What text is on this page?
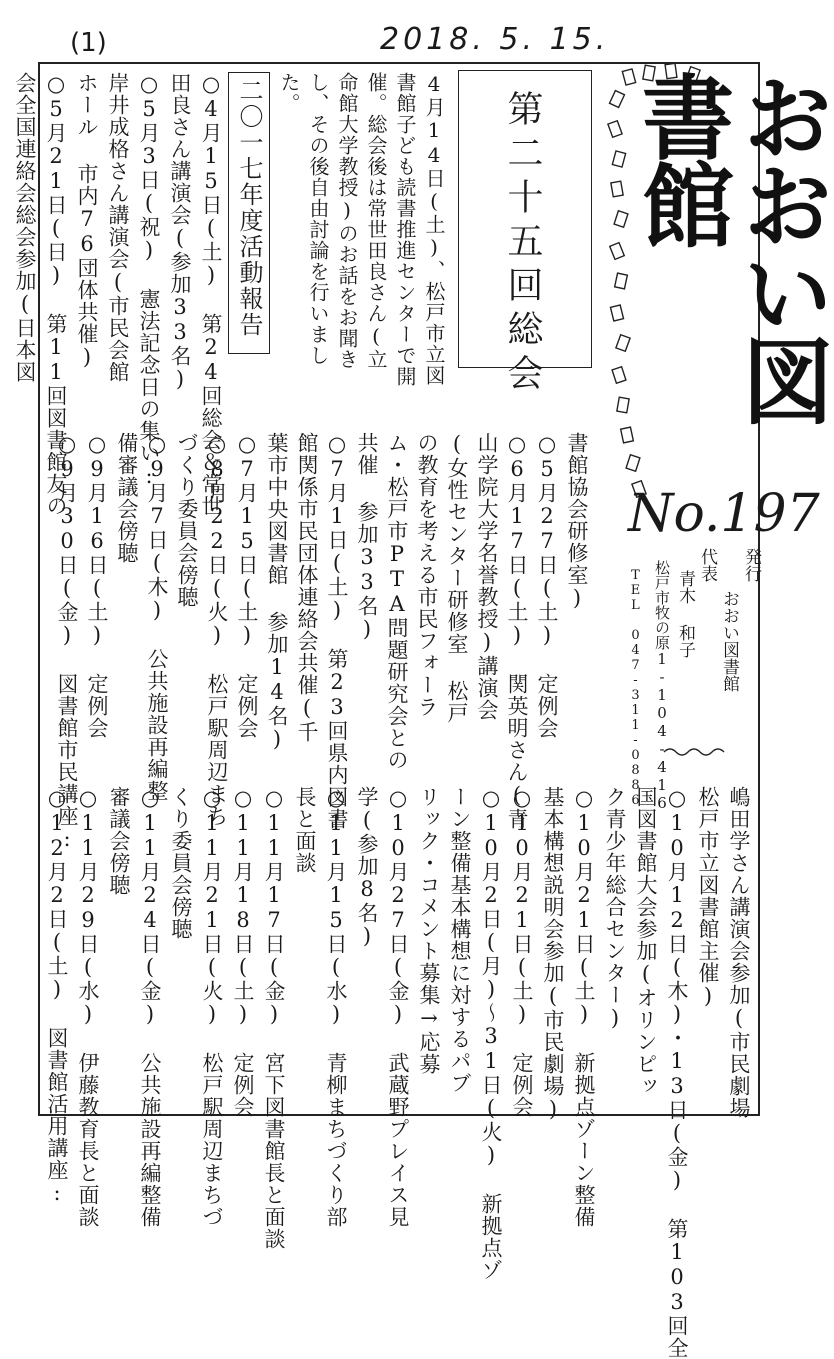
(1)	2018. 5. 15.
おおい図書館
No.197
発行
おおい図書館
代表
青木 和子
松戸市牧の原1-104-416
TEL 047-311-0886
第二十五回総会
4月14日(土)、松戸市立図書館子ども読書推進センターで開催。総会後は常世田良さん(立命館大学教授)のお話をお聞きし、その後自由討論を行いました。
二〇一七年度活動報告
○4月15日(土) 第24回総会＆常世
田良さん講演会(参加33名)
○5月3日(祝) 憲法記念日の集い:
岸井成格さん講演会(市民会館
ホール 市内76団体共催)
○5月21日(日) 第11回図書館友の
会全国連絡会総会参加(日本図
書館協会研修室)
○5月27日(土) 定例会
○6月17日(土) 関英明さん(青
山学院大学名誉教授)講演会
(女性センター研修室 松戸
の教育を考える市民フォーラ
ム・松戸市PTA問題研究会との
共催 参加33名)
○7月1日(土) 第23回県内図書
館関係市民団体連絡会共催(千
葉市中央図書館 参加14名)
○7月15日(土) 定例会
○8月22日(火) 松戸駅周辺まち
づくり委員会傍聴
○9月7日(木) 公共施設再編整
備審議会傍聴
○9月16日(土) 定例会
○9月30日(金) 図書館市民講座:
嶋田学さん講演会参加(市民劇場
松戸市立図書館主催)
○10月12日(木)・13日(金) 第103回全
国図書館大会参加(オリンピッ
ク青少年総合センター)
○10月21日(土) 新拠点ゾーン整備
基本構想説明会参加(市民劇場)
○10月21日(土) 定例会
○10月2日(月)〜31日(火) 新拠点ゾ
ーン整備基本構想に対するパブ
リック・コメント募集→応募
○10月27日(金) 武蔵野プレイス見
学(参加8名)
○11月15日(水) 青柳まちづくり部
長と面談
○11月17日(金) 宮下図書館長と面談
○11月18日(土) 定例会
○11月21日(火) 松戸駅周辺まちづ
くり委員会傍聴
○11月24日(金) 公共施設再編整備
審議会傍聴
○11月29日(水) 伊藤教育長と面談
○12月2日(土) 図書館活用講座:
